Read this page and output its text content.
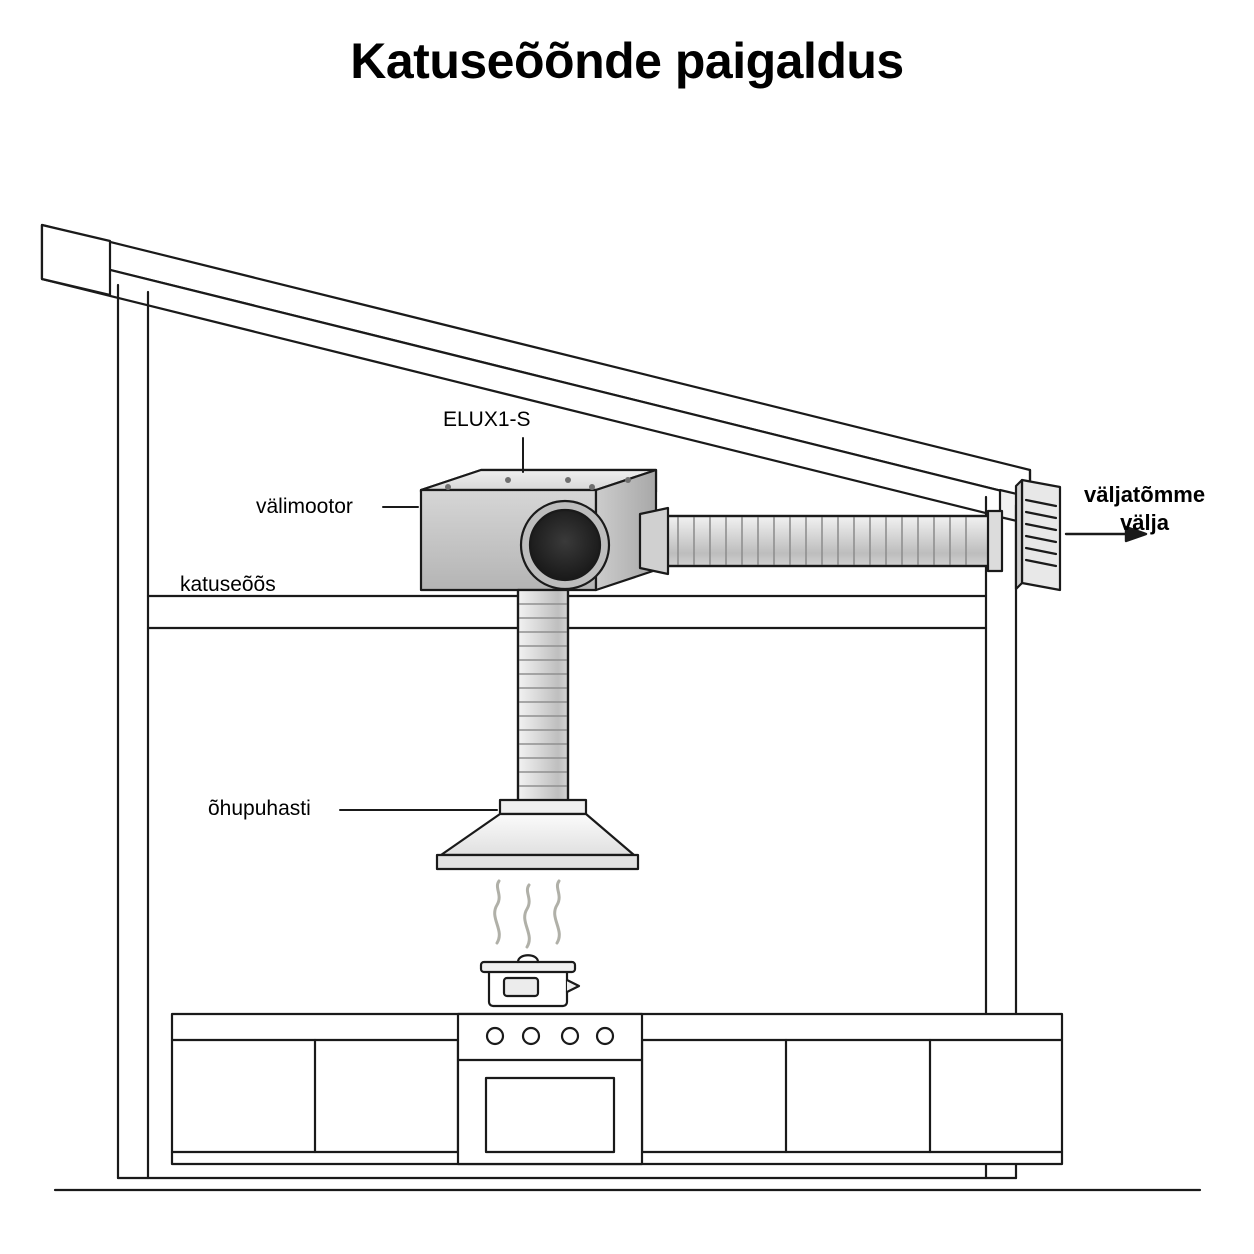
Katuseõõnde paigaldus
ELUX1-S
välimootor
katuseõõs
õhupuhasti
väljatõmme
välja
